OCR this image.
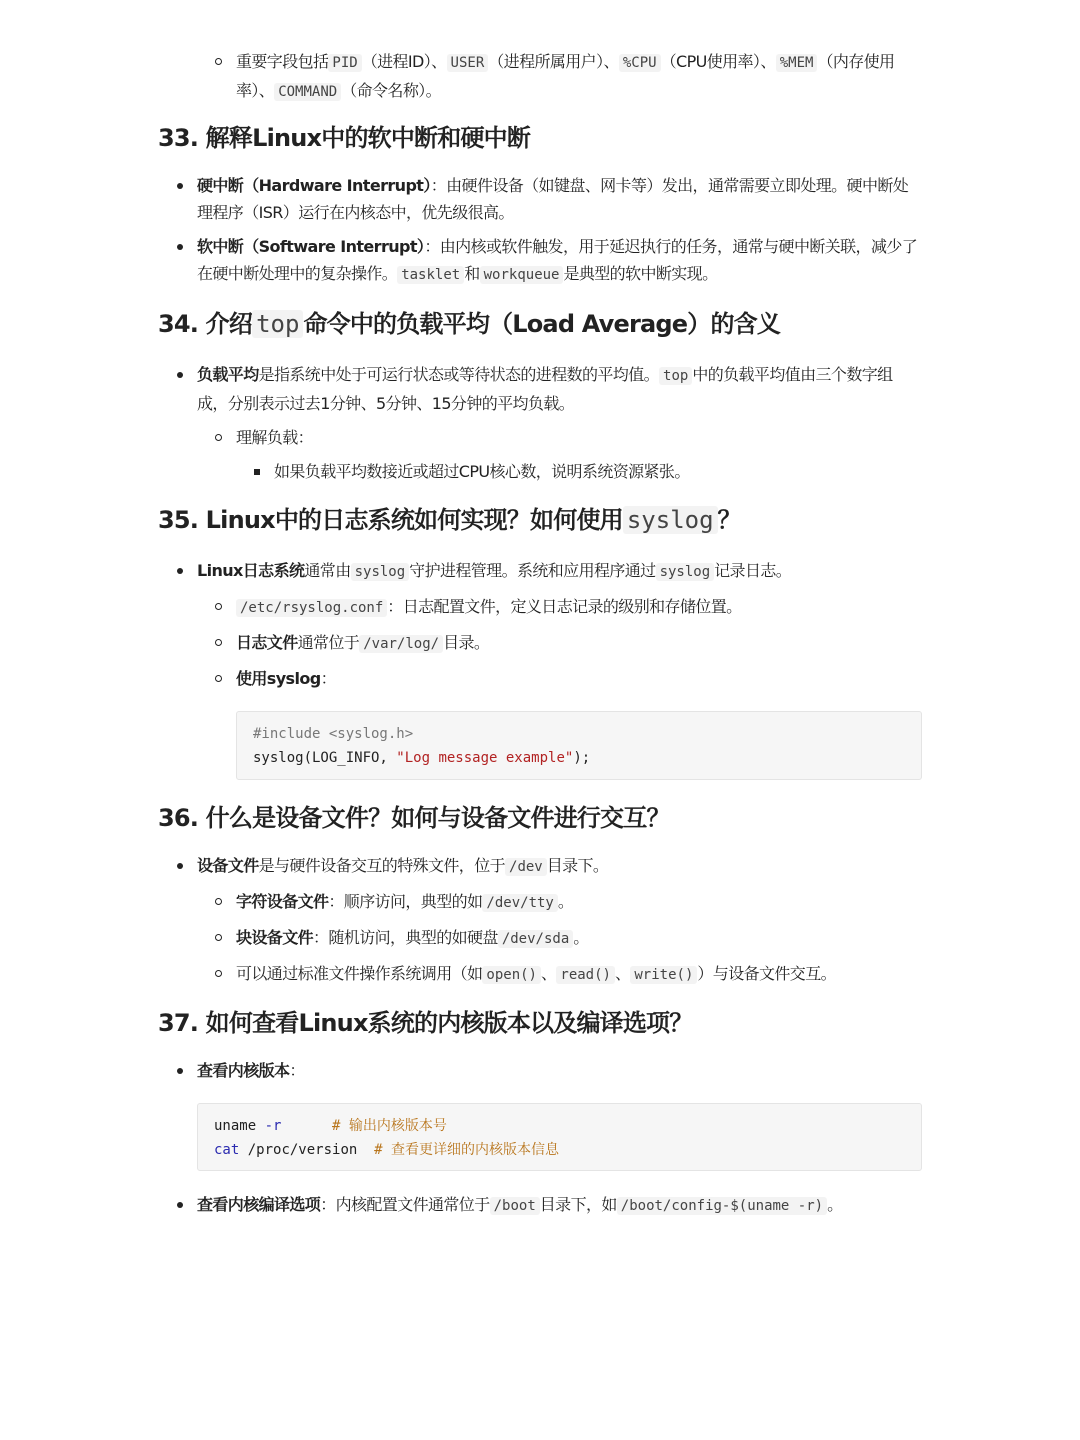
重要字段包括 PID （进程ID）、 USER （进程所属用户）、 %CPU （CPU使用率）、 %MEM （内存使用率）、 COMMAND （命令名称）。
33. 解释Linux中的软中断和硬中断
硬中断（Hardware Interrupt）：由硬件设备（如键盘、网卡等）发出，通常需要立即处理。硬中断处理程序（ISR）运行在内核态中，优先级很高。
软中断（Software Interrupt）：由内核或软件触发，用于延迟执行的任务，通常与硬中断关联，减少了在硬中断处理中的复杂操作。 tasklet 和 workqueue 是典型的软中断实现。
34. 介绍 top 命令中的负载平均（Load Average）的含义
负载平均是指系统中处于可运行状态或等待状态的进程数的平均值。 top 中的负载平均值由三个数字组成，分别表示过去1分钟、5分钟、15分钟的平均负载。
理解负载：
如果负载平均数接近或超过CPU核心数，说明系统资源紧张。
35. Linux中的日志系统如何实现？如何使用 syslog ？
Linux日志系统通常由 syslog 守护进程管理。系统和应用程序通过 syslog 记录日志。
/etc/rsyslog.conf ：日志配置文件，定义日志记录的级别和存储位置。
日志文件通常位于 /var/log/ 目录。
使用syslog：
#include <syslog.h>
syslog(LOG_INFO, "Log message example");
36. 什么是设备文件？如何与设备文件进行交互？
设备文件是与硬件设备交互的特殊文件，位于 /dev 目录下。
字符设备文件：顺序访问，典型的如 /dev/tty 。
块设备文件：随机访问，典型的如硬盘 /dev/sda 。
可以通过标准文件操作系统调用（如 open() 、 read() 、 write() ）与设备文件交互。
37. 如何查看Linux系统的内核版本以及编译选项？
查看内核版本：
uname -r	# 输出内核版本号
cat /proc/version  # 查看更详细的内核版本信息
查看内核编译选项：内核配置文件通常位于 /boot 目录下，如 /boot/config-$(uname -r) 。
